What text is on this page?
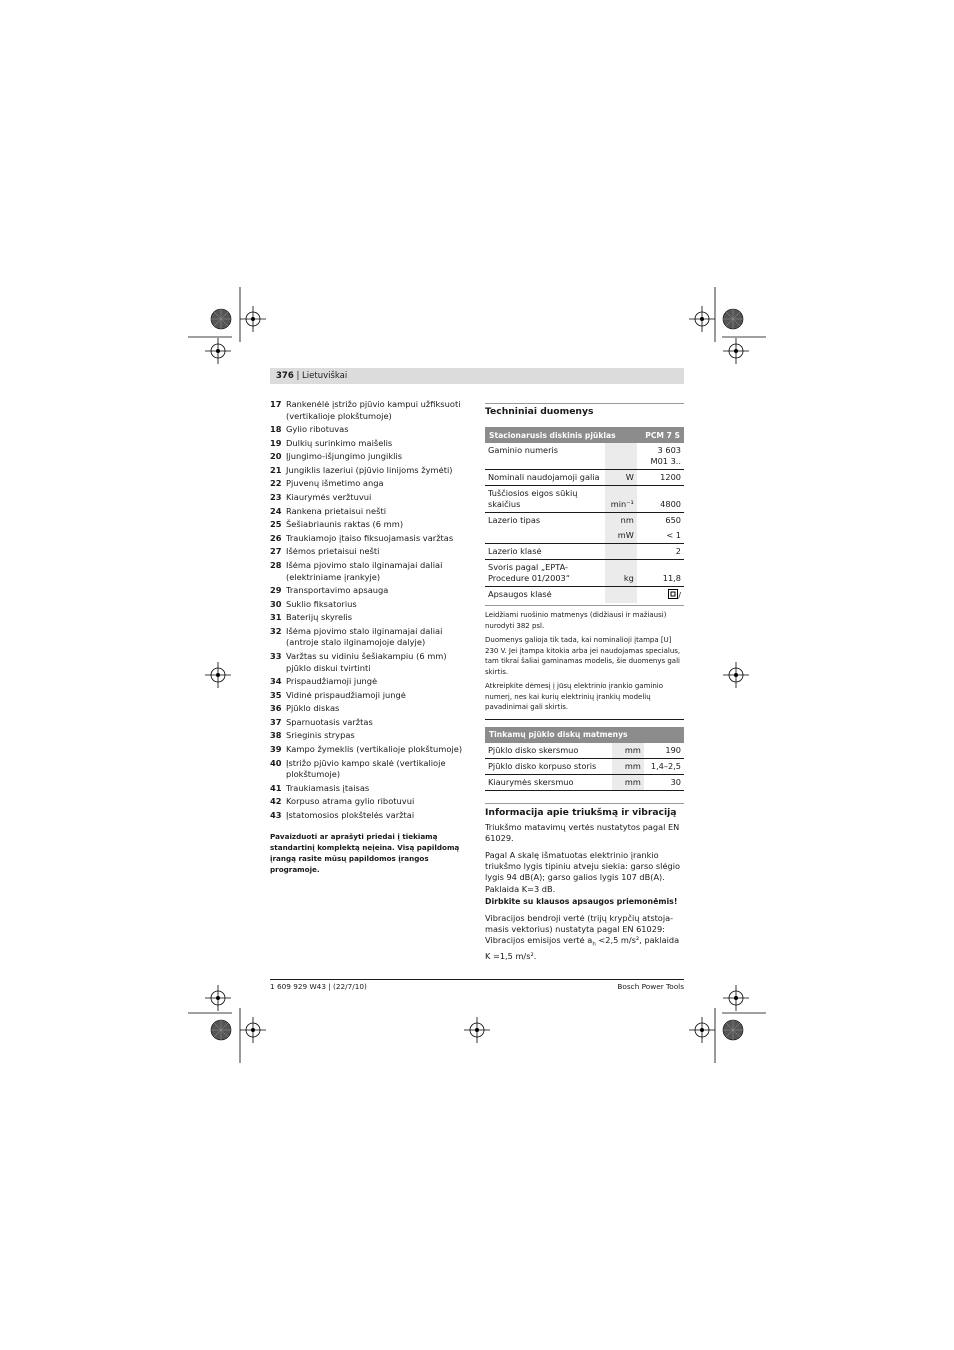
376 | Lietuviškai
17 Rankenėlė įstrižo pjūvio kampui užfiksuoti (vertikalioje plokštumoje)
18 Gylio ribotuvas
19 Dulkių surinkimo maišelis
20 Įjungimo-išjungimo jungiklis
21 Jungiklis lazeriui (pjūvio linijoms žymėti)
22 Pjuvenų išmetimo anga
23 Kiaurymės veržtuvui
24 Rankena prietaisui nešti
25 Šešiabriaunis raktas (6 mm)
26 Traukiamojo įtaiso fiksuojamasis varžtas
27 Išėmos prietaisui nešti
28 Išėma pjovimo stalo ilginamajai daliai (elektriniame įrankyje)
29 Transportavimo apsauga
30 Suklio fiksatorius
31 Baterijų skyrelis
32 Išėma pjovimo stalo ilginamajai daliai (antroje stalo ilginamojoje dalyje)
33 Varžtas su vidiniu šešiakampiu (6 mm) pjūklo diskui tvirtinti
34 Prispaudžiamoji jungė
35 Vidinė prispaudžiamoji jungė
36 Pjūklo diskas
37 Sparnuotasis varžtas
38 Srieginis strypas
39 Kampo žymeklis (vertikalioje plokštumoje)
40 Įstrižo pjūvio kampo skalė (vertikalioje plokštumoje)
41 Traukiamasis įtaisas
42 Korpuso atrama gylio ribotuvui
43 Įstatomosios plokštelės varžtai
Pavaizduoti ar aprašyti priedai į tiekiamą standartinį komplektą neįeina. Visą papildomą įrangą rasite mūsų papildomos įrangos programoje.
Techniniai duomenys
Stacionarusis diskinis pjūklas		PCM 7 S
Gaminio numeris		3 603 M01 3..
Nominali naudojamoji galia	W	1200
Tuščiosios eigos sūkių skaičius	min⁻¹	4800
Lazerio tipas	nm	650
	mW	< 1
Lazerio klasė		2
Svoris pagal „EPTA-Procedure 01/2003“	kg	11,8
Apsaugos klasė		/
Leidžiami ruošinio matmenys (didžiausi ir mažiausi) nurodyti 382 psl.
Duomenys galioja tik tada, kai nominalioji įtampa [U] 230 V. Jei įtampa kitokia arba jei naudojamas specialus, tam tikrai šaliai gaminamas modelis, šie duomenys gali skirtis.
Atkreipkite dėmesį į jūsų elektrinio įrankio gaminio numerį, nes kai kurių elektrinių įrankių modelių pavadinimai gali skirtis.
Tinkamų pjūklo diskų matmenys		
Pjūklo disko skersmuo	mm	190
Pjūklo disko korpuso storis	mm	1,4–2,5
Kiaurymės skersmuo	mm	30
Informacija apie triukšmą ir vibraciją
Triukšmo matavimų vertės nustatytos pagal EN 61029.
Pagal A skalę išmatuotas elektrinio įrankio triukšmo lygis tipiniu atveju siekia: garso slėgio lygis 94 dB(A); garso galios lygis 107 dB(A). Paklaida K=3 dB.
Dirbkite su klausos apsaugos priemonėmis!
Vibracijos bendroji vertė (trijų krypčių atstoja-masis vektorius) nustatyta pagal EN 61029: Vibracijos emisijos vertė $a_h <2,5$ m/s², paklaida K =1,5 m/s².
1 609 929 W43 | (22/7/10)	Bosch Power Tools
